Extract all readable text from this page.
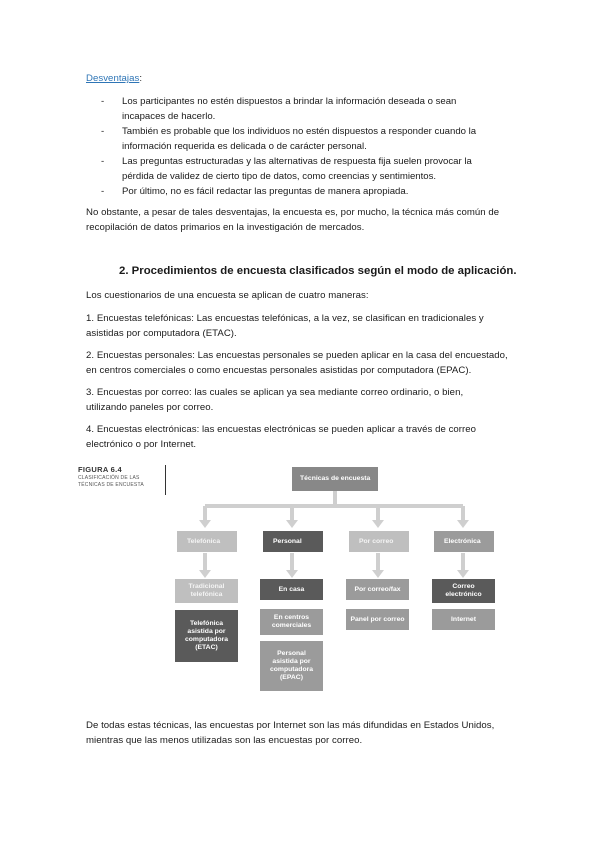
Desventajas:
- Los participantes no estén dispuestos a brindar la información deseada o sean incapaces de hacerlo.
- También es probable que los individuos no estén dispuestos a responder cuando la información requerida es delicada o de carácter personal.
- Las preguntas estructuradas y las alternativas de respuesta fija suelen provocar la pérdida de validez de cierto tipo de datos, como creencias y sentimientos.
- Por último, no es fácil redactar las preguntas de manera apropiada.
No obstante, a pesar de tales desventajas, la encuesta es, por mucho, la técnica más común de recopilación de datos primarios en la investigación de mercados.
2. Procedimientos de encuesta clasificados según el modo de aplicación.
Los cuestionarios de una encuesta se aplican de cuatro maneras:
1. Encuestas telefónicas: Las encuestas telefónicas, a la vez, se clasifican en tradicionales y asistidas por computadora (ETAC).
2. Encuestas personales: Las encuestas personales se pueden aplicar en la casa del encuestado, en centros comerciales o como encuestas personales asistidas por computadora (EPAC).
3. Encuestas por correo: las cuales se aplican ya sea mediante correo ordinario, o bien, utilizando paneles por correo.
4. Encuestas electrónicas: las encuestas electrónicas se pueden aplicar a través de correo electrónico o por Internet.
FIGURA 6.4
CLASIFICACIÓN DE LAS TÉCNICAS DE ENCUESTA
Técnicas de encuesta
Telefónica	Personal	Por correo	Electrónica
Tradicional telefónica
Telefónica asistida por computadora (ETAC)
En casa
En centros comerciales
Personal asistida por computadora (EPAC)
Por correo/fax
Panel por correo
Correo electrónico
Internet
De todas estas técnicas, las encuestas por Internet son las más difundidas en Estados Unidos, mientras que las menos utilizadas son las encuestas por correo.
